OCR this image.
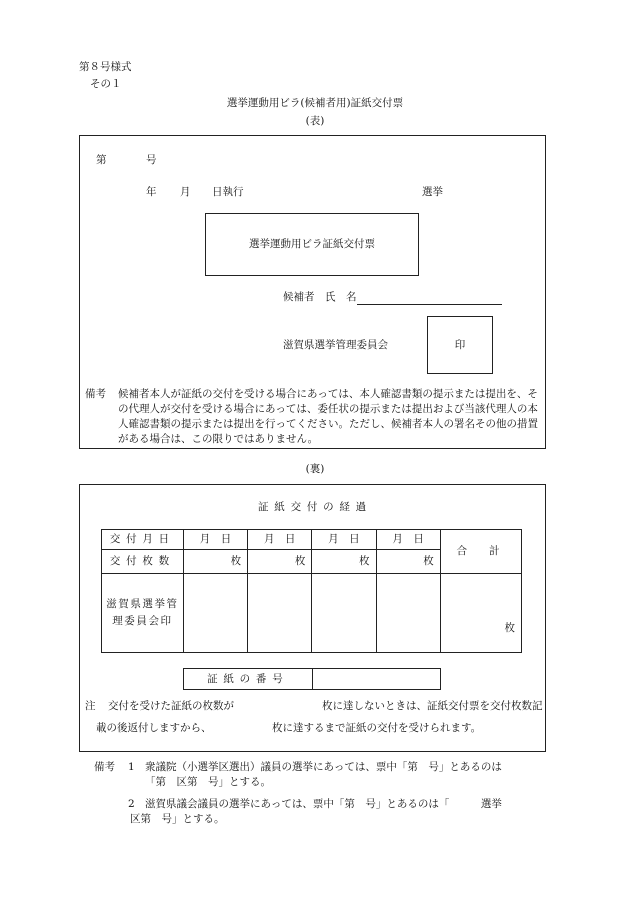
第８号様式
その１
選挙運動用ビラ(候補者用)証紙交付票
(表)
第	号
年 月 日執行	選挙
選挙運動用ビラ証紙交付票
候補者　氏　名
滋賀県選挙管理委員会	印
備考 候補者本人が証紙の交付を受ける場合にあっては、本人確認書類の提示または提出を、その代理人が交付を受ける場合にあっては、委任状の提示または提出および当該代理人の本人確認書類の提示または提出を行ってください。ただし、候補者本人の署名その他の措置がある場合は、この限りではありません。
(裏)
証紙交付の経過
交付月日	月　日	月　日	月　日	月　日	合　計
交付枚数	枚	枚	枚	枚	
滋賀県選挙管理委員会印					枚
証紙の番号	
注 交付を受けた証紙の枚数が	枚に達しないときは、証紙交付票を交付枚数記
載の後返付しますから、	枚に達するまで証紙の交付を受けられます。
備考 1 衆議院（小選挙区選出）議員の選挙にあっては、票中「第　号」とあるのは
「第　区第　号」とする。
2 滋賀県議会議員の選挙にあっては、票中「第　号」とあるのは「　　　選挙
区第　号」とする。
